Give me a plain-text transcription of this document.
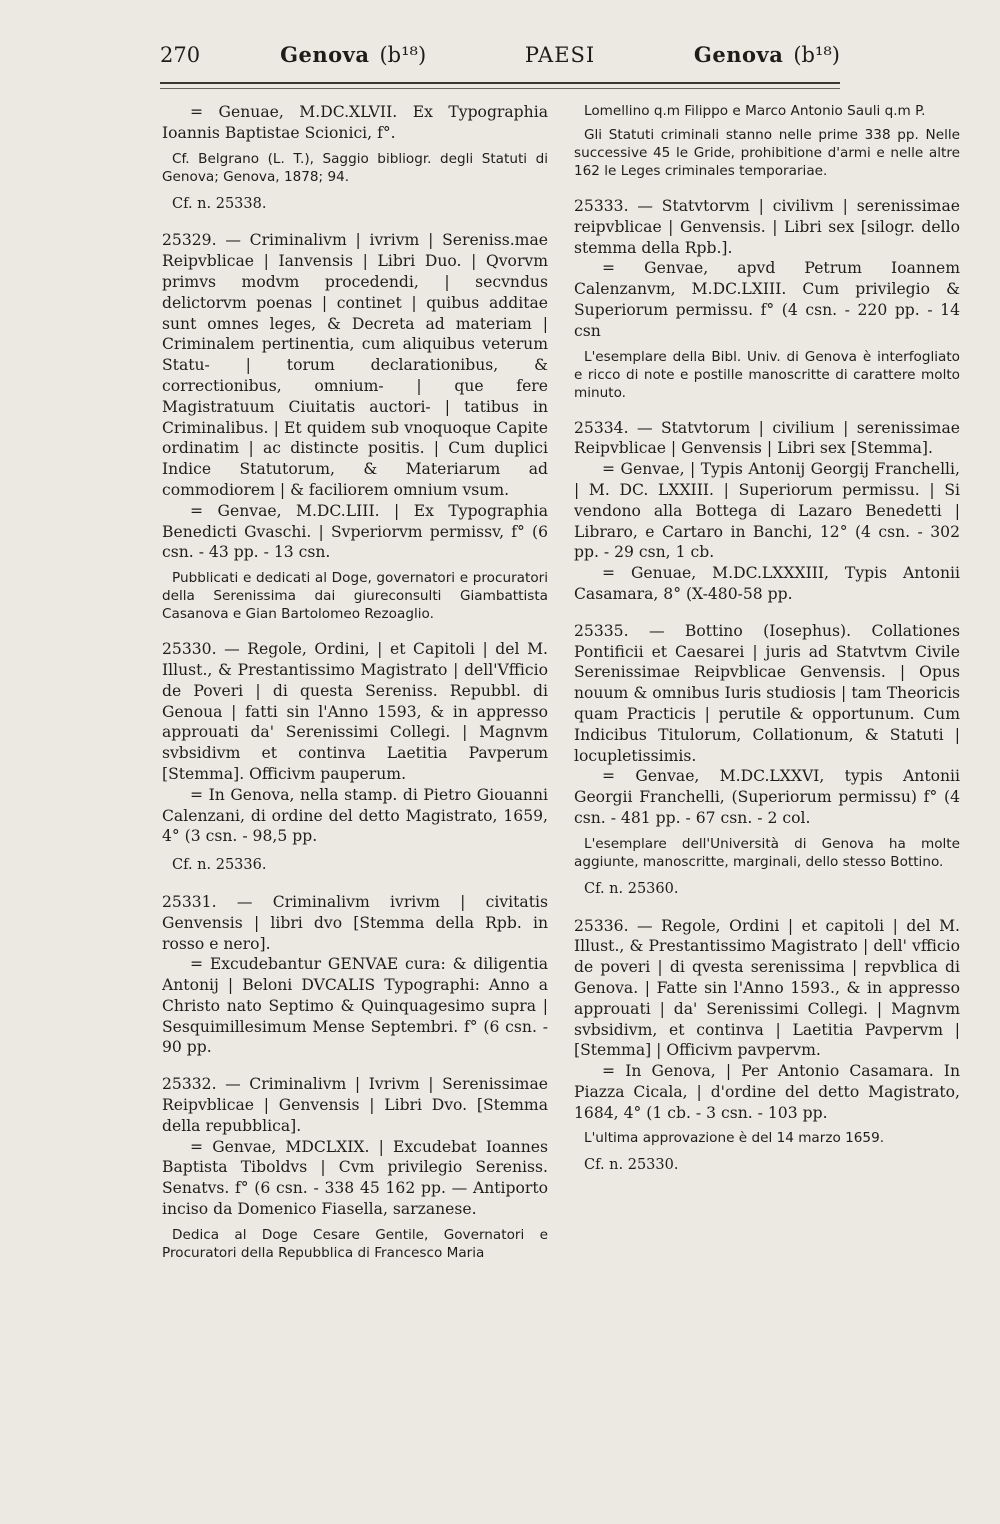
270	Genova (b¹⁸)	PAESI	Genova (b¹⁸)

= Genuae, M.DC.XLVII. Ex Typographia Ioannis Baptistae Scionici, f°.

Cf. Belgrano (L. T.), Saggio bibliogr. degli Statuti di Genova; Genova, 1878; 94.

Cf. n. 25338.

25329. — Criminalivm | ivrivm | Sereniss.mae Reipvblicae | Ianvensis | Libri Duo. | Qvorvm primvs modvm procedendi, | secvndus delictorvm poenas | continet | quibus additae sunt omnes leges, & Decreta ad materiam | Criminalem pertinentia, cum aliquibus veterum Statu- | torum declarationibus, & correctionibus, omnium- | que fere Magistratuum Ciuitatis auctori- | tatibus in Criminalibus. | Et quidem sub vnoquoque Capite ordinatim | ac distincte positis. | Cum duplici Indice Statutorum, & Materiarum ad commodiorem | & faciliorem omnium vsum.

= Genvae, M.DC.LIII. | Ex Typographia Benedicti Gvaschi. | Svperiorvm permissv, f° (6 csn. - 43 pp. - 13 csn.

Pubblicati e dedicati al Doge, governatori e procuratori della Serenissima dai giureconsulti Giambattista Casanova e Gian Bartolomeo Rezoaglio.

25330. — Regole, Ordini, | et Capitoli | del M. Illust., & Prestantissimo Magistrato | dell'Vfficio de Poveri | di questa Sereniss. Repubbl. di Genoua | fatti sin l'Anno 1593, & in appresso approuati da' Serenissimi Collegi. | Magnvm svbsidivm et continva Laetitia Pavperum [Stemma]. Officivm pauperum.

= In Genova, nella stamp. di Pietro Giouanni Calenzani, di ordine del detto Magistrato, 1659, 4° (3 csn. - 98,5 pp.

Cf. n. 25336.

25331. — Criminalivm ivrivm | civitatis Genvensis | libri dvo [Stemma della Rpb. in rosso e nero].

= Excudebantur GENVAE cura: & diligentia Antonij | Beloni DVCALIS Typographi: Anno a Christo nato Septimo & Quinquagesimo supra | Sesquimillesimum Mense Septembri. f° (6 csn. - 90 pp.

25332. — Criminalivm | Ivrivm | Serenissimae Reipvblicae | Genvensis | Libri Dvo. [Stemma della repubblica].

= Genvae, MDCLXIX. | Excudebat Ioannes Baptista Tiboldvs | Cvm privilegio Sereniss. Senatvs. f° (6 csn. - 338 45 162 pp. — Antiporto inciso da Domenico Fiasella, sarzanese.

Dedica al Doge Cesare Gentile, Governatori e Procuratori della Repubblica di Francesco Maria

Lomellino q.m Filippo e Marco Antonio Sauli q.m P.

Gli Statuti criminali stanno nelle prime 338 pp. Nelle successive 45 le Gride, prohibitione d'armi e nelle altre 162 le Leges criminales temporariae.

25333. — Statvtorvm | civilivm | serenissimae reipvblicae | Genvensis. | Libri sex [silogr. dello stemma della Rpb.].

= Genvae, apvd Petrum Ioannem Calenzanvm, M.DC.LXIII. Cum privilegio & Superiorum permissu. f° (4 csn. - 220 pp. - 14 csn

L'esemplare della Bibl. Univ. di Genova è interfogliato e ricco di note e postille manoscritte di carattere molto minuto.

25334. — Statvtorum | civilium | serenissimae Reipvblicae | Genvensis | Libri sex [Stemma].

= Genvae, | Typis Antonij Georgij Franchelli, | M. DC. LXXIII. | Superiorum permissu. | Si vendono alla Bottega di Lazaro Benedetti | Libraro, e Cartaro in Banchi, 12° (4 csn. - 302 pp. - 29 csn, 1 cb.

= Genuae, M.DC.LXXXIII, Typis Antonii Casamara, 8° (X-480-58 pp.

25335. — Bottino (Iosephus). Collationes Pontificii et Caesarei | juris ad Statvtvm Civile Serenissimae Reipvblicae Genvensis. | Opus nouum & omnibus Iuris studiosis | tam Theoricis quam Practicis | perutile & opportunum. Cum Indicibus Titulorum, Collationum, & Statuti | locupletissimis.

= Genvae, M.DC.LXXVI, typis Antonii Georgii Franchelli, (Superiorum permissu) f° (4 csn. - 481 pp. - 67 csn. - 2 col.

L'esemplare dell'Università di Genova ha molte aggiunte, manoscritte, marginali, dello stesso Bottino.

Cf. n. 25360.

25336. — Regole, Ordini | et capitoli | del M. Illust., & Prestantissimo Magistrato | dell' vfficio de poveri | di qvesta serenissima | repvblica di Genova. | Fatte sin l'Anno 1593., & in appresso approuati | da' Serenissimi Collegi. | Magnvm svbsidivm, et continva | Laetitia Pavpervm | [Stemma] | Officivm pavpervm.

= In Genova, | Per Antonio Casamara. In Piazza Cicala, | d'ordine del detto Magistrato, 1684, 4° (1 cb. - 3 csn. - 103 pp.

L'ultima approvazione è del 14 marzo 1659.

Cf. n. 25330.
